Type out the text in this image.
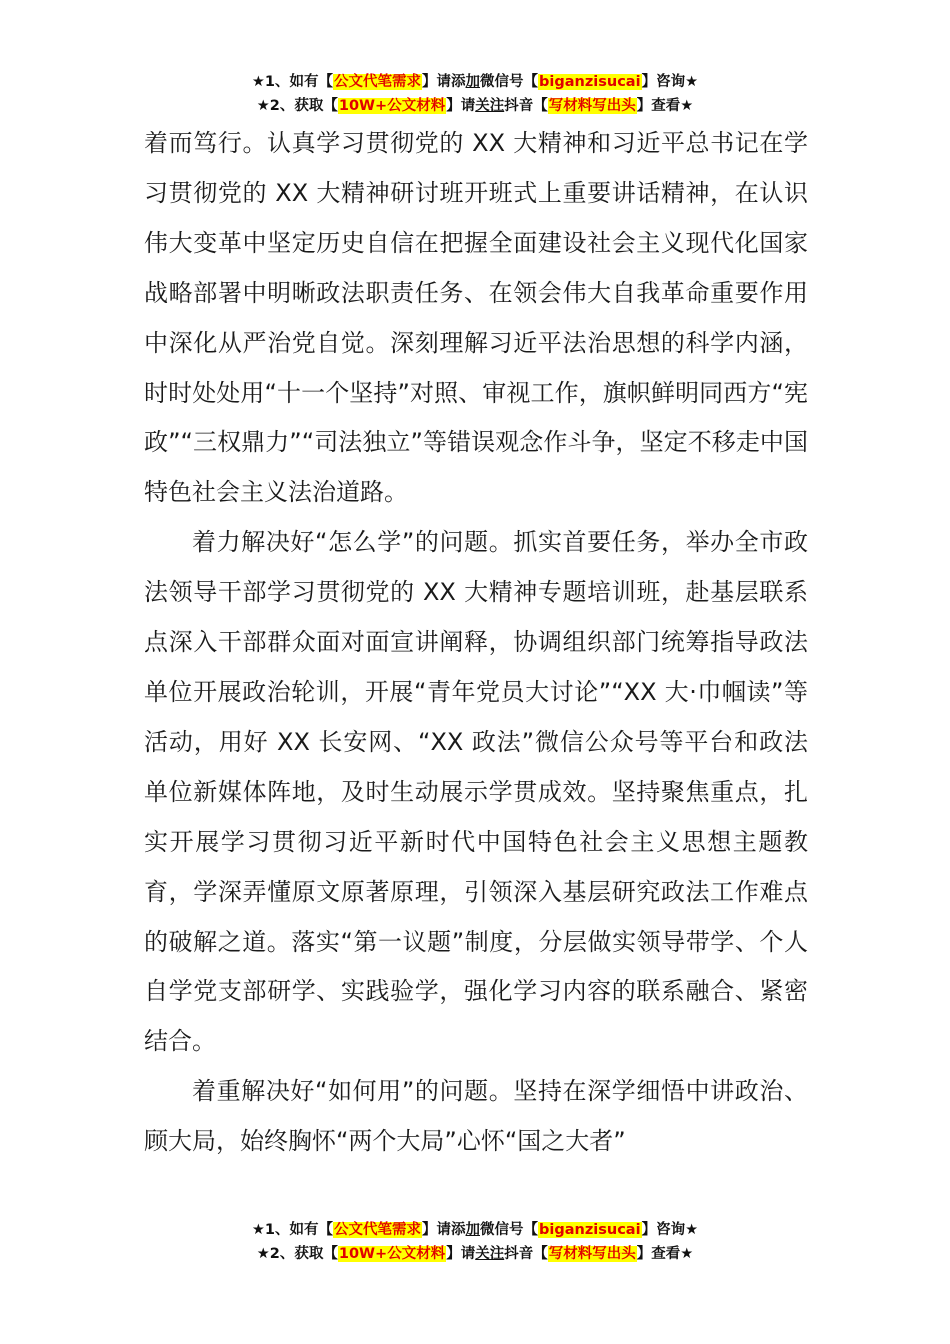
★1、如有【公文代笔需求】请添加微信号【biganzisucai】咨询★
★2、获取【10W+公文材料】请关注抖音【写材料写出头】查看★

着而笃行。认真学习贯彻党的 XX 大精神和习近平总书记在学习贯彻党的 XX 大精神研讨班开班式上重要讲话精神，在认识伟大变革中坚定历史自信在把握全面建设社会主义现代化国家战略部署中明晰政法职责任务、在领会伟大自我革命重要作用中深化从严治党自觉。深刻理解习近平法治思想的科学内涵，时时处处用“十一个坚持”对照、审视工作，旗帜鲜明同西方“宪政”“三权鼎力”“司法独立”等错误观念作斗争，坚定不移走中国特色社会主义法治道路。

着力解决好“怎么学”的问题。抓实首要任务，举办全市政法领导干部学习贯彻党的 XX 大精神专题培训班，赴基层联系点深入干部群众面对面宣讲阐释，协调组织部门统筹指导政法单位开展政治轮训，开展“青年党员大讨论”“XX 大·巾帼读”等活动，用好 XX 长安网、“XX 政法”微信公众号等平台和政法单位新媒体阵地，及时生动展示学贯成效。坚持聚焦重点，扎实开展学习贯彻习近平新时代中国特色社会主义思想主题教育，学深弄懂原文原著原理，引领深入基层研究政法工作难点的破解之道。落实“第一议题”制度，分层做实领导带学、个人自学党支部研学、实践验学，强化学习内容的联系融合、紧密结合。

着重解决好“如何用”的问题。坚持在深学细悟中讲政治、顾大局，始终胸怀“两个大局”心怀“国之大者”

★1、如有【公文代笔需求】请添加微信号【biganzisucai】咨询★
★2、获取【10W+公文材料】请关注抖音【写材料写出头】查看★
